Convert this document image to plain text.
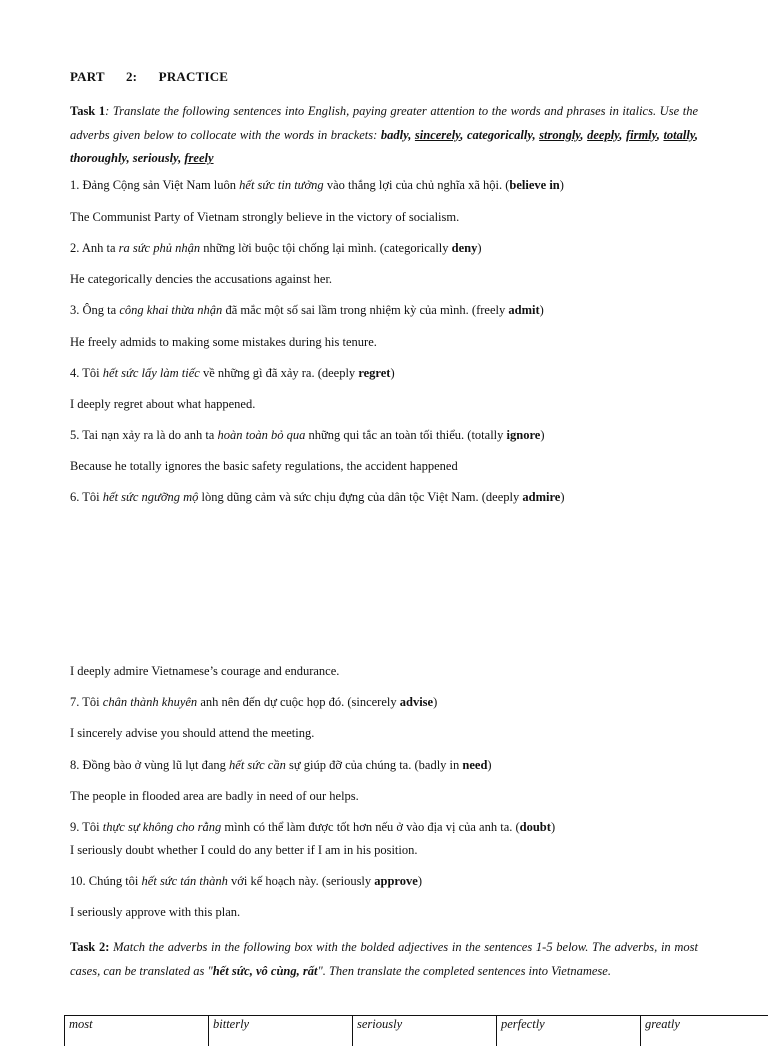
PART 2: PRACTICE
Task 1: Translate the following sentences into English, paying greater attention to the words and phrases in italics. Use the adverbs given below to collocate with the words in brackets: badly, sincerely, categorically, strongly, deeply, firmly, totally, thoroughly, seriously, freely
1. Đảng Cộng sản Việt Nam luôn hết sức tin tưởng vào thắng lợi của chủ nghĩa xã hội. (believe in)
The Communist Party of Vietnam strongly believe in the victory of socialism.
2. Anh ta ra sức phủ nhận những lời buộc tội chống lại mình. (categorically deny)
He categorically dencies the accusations against her.
3. Ông ta công khai thừa nhận đã mắc một số sai lầm trong nhiệm kỳ của mình. (freely admit)
He freely admids to making some mistakes during his tenure.
4. Tôi hết sức lấy làm tiếc về những gì đã xảy ra. (deeply regret)
I deeply regret about what happened.
5. Tai nạn xảy ra là do anh ta hoàn toàn bỏ qua những qui tắc an toàn tối thiểu. (totally ignore)
Because he totally ignores the basic safety regulations, the accident happened
6. Tôi hết sức ngưỡng mộ lòng dũng cảm và sức chịu đựng của dân tộc Việt Nam. (deeply admire)
I deeply admire Vietnamese’s courage and endurance.
7. Tôi chân thành khuyên anh nên đến dự cuộc họp đó. (sincerely advise)
I sincerely advise you should attend the meeting.
8. Đồng bào ở vùng lũ lụt đang hết sức cần sự giúp đỡ của chúng ta. (badly in need)
The people in flooded area are badly in need of our helps.
9. Tôi thực sự không cho rằng mình có thể làm được tốt hơn nếu ở vào địa vị của anh ta. (doubt)
I seriously doubt whether I could do any better if I am in his position.
10. Chúng tôi hết sức tán thành với kế hoạch này. (seriously approve)
I seriously approve with this plan.
Task 2: Match the adverbs in the following box with the bolded adjectives in the sentences 1-5 below. The adverbs, in most cases, can be translated as "hết sức, vô cùng, rất". Then translate the completed sentences into Vietnamese.
most	bitterly	seriously	perfectly	greatly
